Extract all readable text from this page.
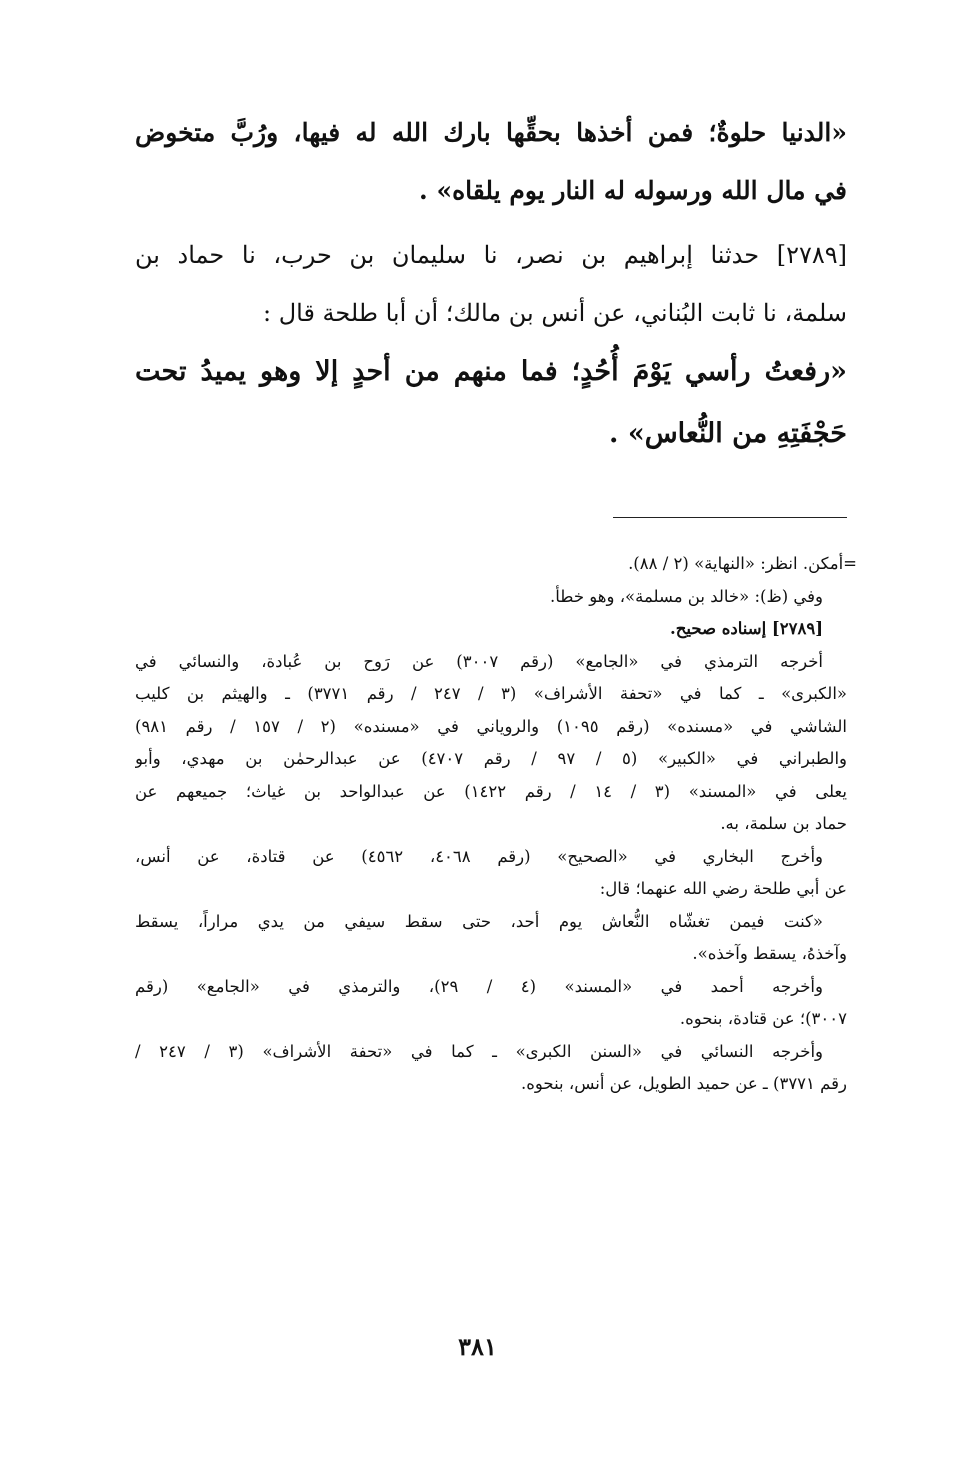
«الدنيا حلوةٌ؛ فمن أخذها بحقِّها بارك الله له فيها، ورُبَّ متخوض
في مال الله ورسوله له النار يوم يلقاه» .
[٢٧٨٩] حدثنا إبراهيم بن نصر، نا سليمان بن حرب، نا حماد بن
سلمة، نا ثابت البُناني، عن أنس بن مالك؛ أن أبا طلحة قال :
«رفعتُ رأسي يَوْمَ أُحُدٍ؛ فما منهم من أحدٍ إلا وهو يميدُ تحت
حَجْفَتِهِ من النُّعاس» .
=أمكن. انظر: «النهاية» (٢ / ٨٨).
وفي (ظ): «خالد بن مسلمة»، وهو خطأ.
[٢٧٨٩] إسناده صحيح.
أخرجه الترمذي في «الجامع» (رقم ٣٠٠٧) عن رَوح بن عُبادة، والنسائي في
«الكبرى» ـ كما في «تحفة الأشراف» (٣ / ٢٤٧ / رقم ٣٧٧١) ـ والهيثم بن كليب
الشاشي في «مسنده» (رقم ١٠٩٥) والروياني في «مسنده» (٢ / ١٥٧ / رقم ٩٨١)
والطبراني في «الكبير» (٥ / ٩٧ / رقم ٤٧٠٧) عن عبدالرحمٰن بن مهدي، وأبو
يعلى في «المسند» (٣ / ١٤ / رقم ١٤٢٢) عن عبدالواحد بن غياث؛ جميعهم عن
حماد بن سلمة، به.
وأخرج البخاري في «الصحيح» (رقم ٤٠٦٨، ٤٥٦٢) عن قتادة، عن أنس،
عن أبي طلحة رضي الله عنهما؛ قال:
«كنت فيمن تغشّاه النُّعاش يوم أحد، حتى سقط سيفي من يدي مراراً، يسقط
وآخذهُ، يسقط وآخذه».
وأخرجه أحمد في «المسند» (٤ / ٢٩)، والترمذي في «الجامع» (رقم
٣٠٠٧)؛ عن قتادة، بنحوه.
وأخرجه النسائي في «السنن الكبرى» ـ كما في «تحفة الأشراف» (٣ / ٢٤٧ /
رقم ٣٧٧١) ـ عن حميد الطويل، عن أنس، بنحوه.
٣٨١
